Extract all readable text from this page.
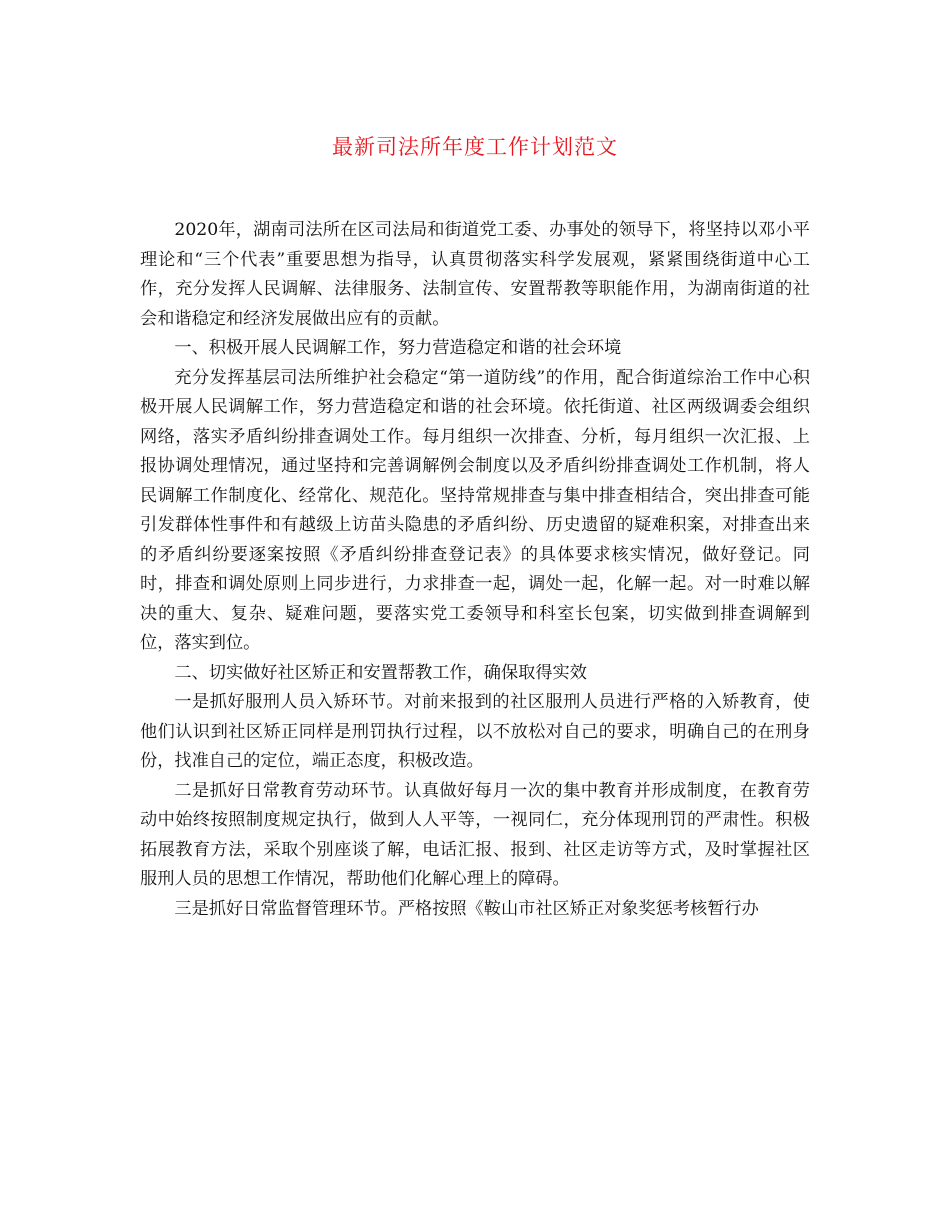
最新司法所年度工作计划范文

2020年，湖南司法所在区司法局和街道党工委、办事处的领导下，将坚持以邓小平理论和“三个代表”重要思想为指导，认真贯彻落实科学发展观，紧紧围绕街道中心工作，充分发挥人民调解、法律服务、法制宣传、安置帮教等职能作用，为湖南街道的社会和谐稳定和经济发展做出应有的贡献。

一、积极开展人民调解工作，努力营造稳定和谐的社会环境

充分发挥基层司法所维护社会稳定“第一道防线”的作用，配合街道综治工作中心积极开展人民调解工作，努力营造稳定和谐的社会环境。依托街道、社区两级调委会组织网络，落实矛盾纠纷排查调处工作。每月组织一次排查、分析，每月组织一次汇报、上报协调处理情况，通过坚持和完善调解例会制度以及矛盾纠纷排查调处工作机制，将人民调解工作制度化、经常化、规范化。坚持常规排查与集中排查相结合，突出排查可能引发群体性事件和有越级上访苗头隐患的矛盾纠纷、历史遗留的疑难积案，对排查出来的矛盾纠纷要逐案按照《矛盾纠纷排查登记表》的具体要求核实情况，做好登记。同时，排查和调处原则上同步进行，力求排查一起，调处一起，化解一起。对一时难以解决的重大、复杂、疑难问题，要落实党工委领导和科室长包案，切实做到排查调解到位，落实到位。

二、切实做好社区矫正和安置帮教工作，确保取得实效

一是抓好服刑人员入矫环节。对前来报到的社区服刑人员进行严格的入矫教育，使他们认识到社区矫正同样是刑罚执行过程，以不放松对自己的要求，明确自己的在刑身份，找准自己的定位，端正态度，积极改造。

二是抓好日常教育劳动环节。认真做好每月一次的集中教育并形成制度，在教育劳动中始终按照制度规定执行，做到人人平等，一视同仁，充分体现刑罚的严肃性。积极拓展教育方法，采取个别座谈了解，电话汇报、报到、社区走访等方式，及时掌握社区服刑人员的思想工作情况，帮助他们化解心理上的障碍。

三是抓好日常监督管理环节。严格按照《鞍山市社区矫正对象奖惩考核暂行办
